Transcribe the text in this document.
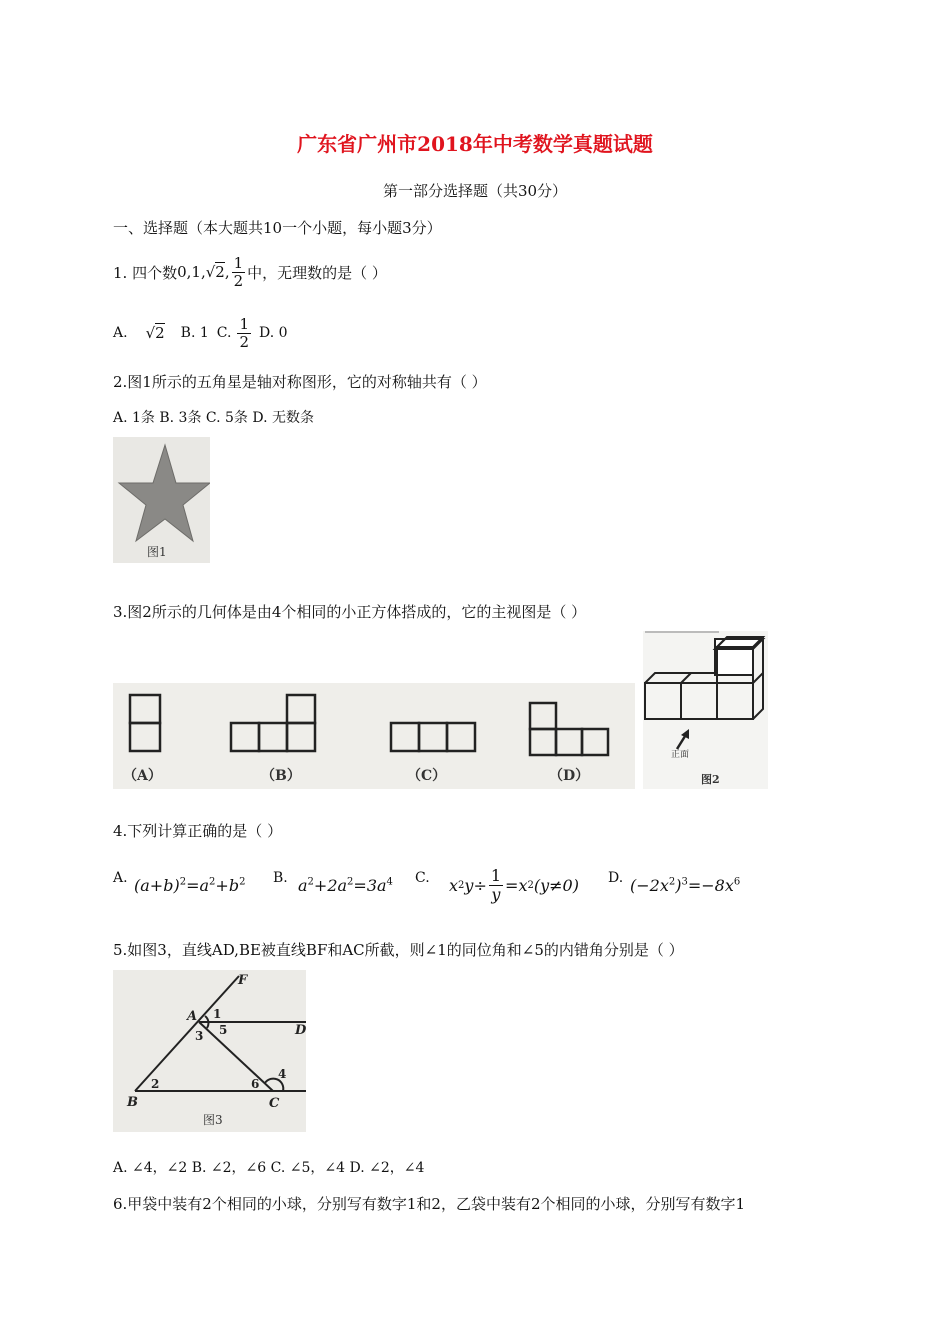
广东省广州市2018年中考数学真题试题
第一部分选择题（共30分）
一、选择题（本大题共10一个小题，每小题3分）
1. 四个数 0,1, √2, $\frac{1}{2}$ 中，无理数的是（ ）
A. √2 B. 1 C. $\frac{1}{2} D$. 0
2.图1所示的五角星是轴对称图形，它的对称轴共有（ ）
A. 1条 B. 3条 C. 5条 D. 无数条
图1
3.图2所示的几何体是由4个相同的小正方体搭成的，它的主视图是（ ）
（A）	（B）	（C）	（D）
正面
图2
4.下列计算正确的是（ ）
A. $(a+b)^2=a^2+b^2$ B. $a^2+2a^2=3a^4$ C. x 2 $y\div \frac{1}{y} =x$ 2 (y≠0) D. $(-2x^2)^3=-8x^6$
5.如图3，直线AD,BE被直线BF和AC所截，则∠1的同位角和∠5的内错角分别是（ ）
F
A
D
B	C
1
5
3
2	6
4
图3
A. ∠4，∠2 B. ∠2，∠6 C. ∠5，∠4 D. ∠2，∠4
6.甲袋中装有2个相同的小球，分别写有数字1和2，乙袋中装有2个相同的小球，分别写有数字1
